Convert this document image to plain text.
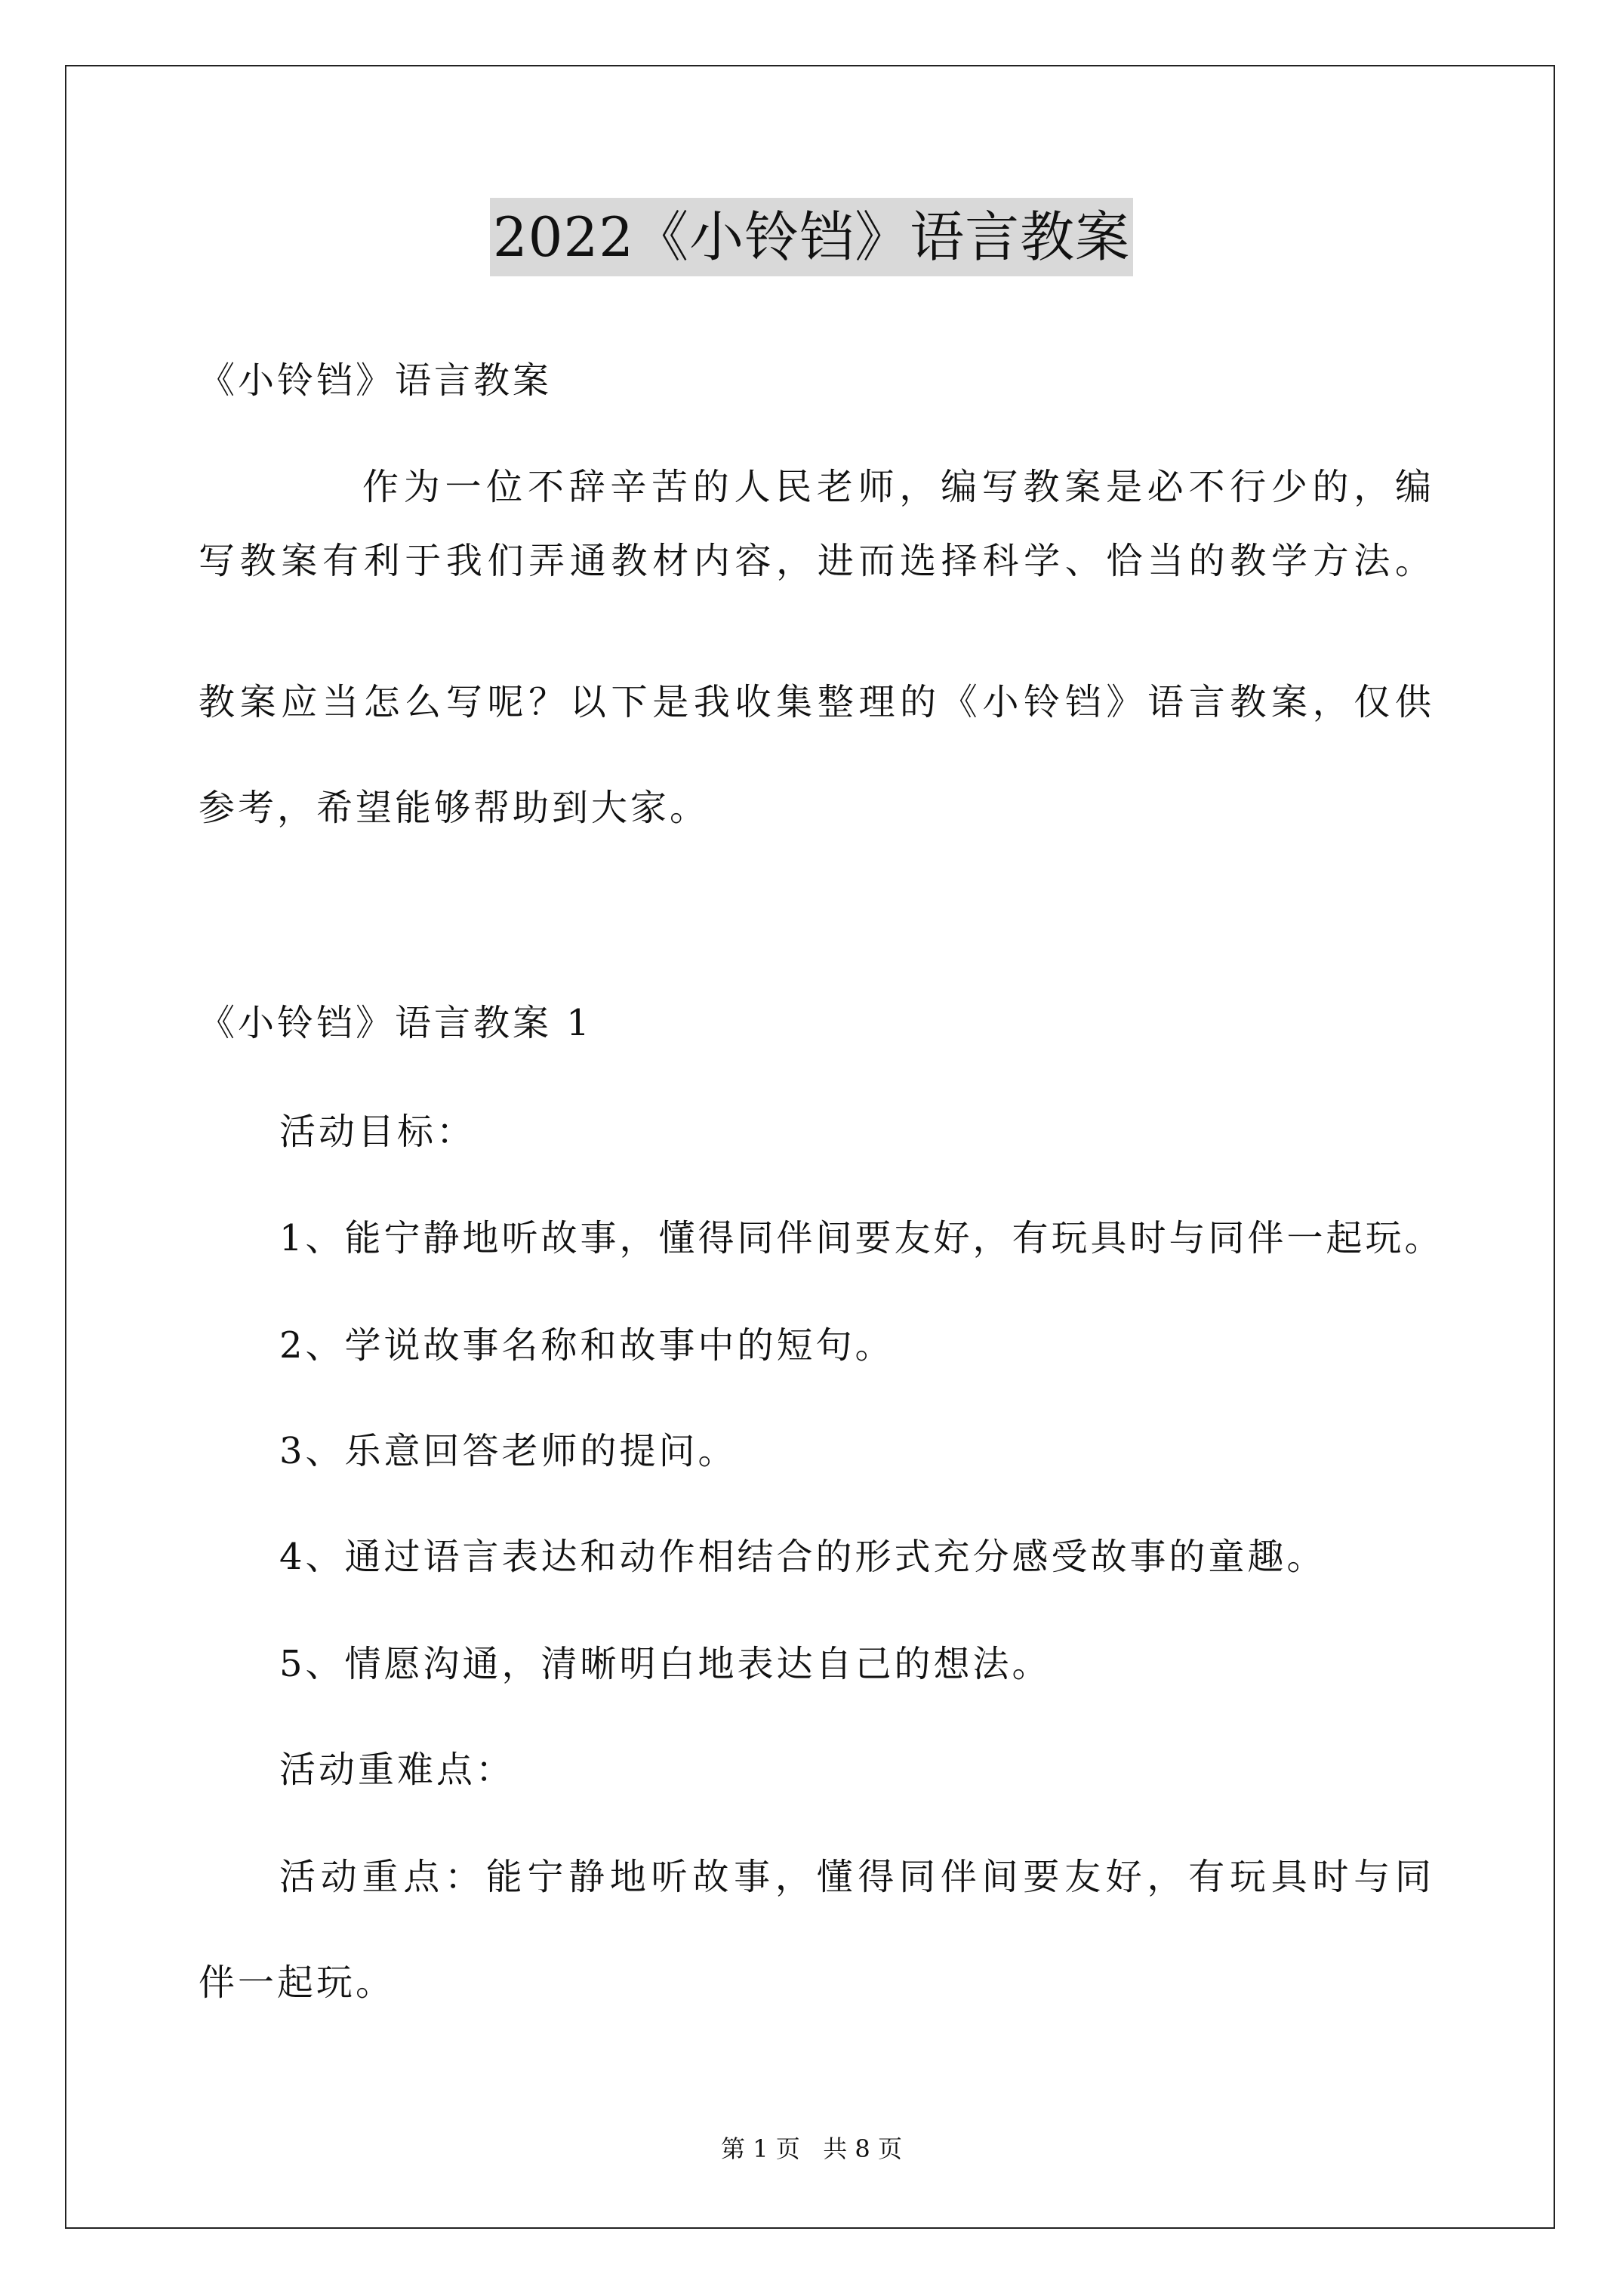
2022《小铃铛》语言教案
《小铃铛》语言教案
作为一位不辞辛苦的人民老师，编写教案是必不行少的，编
写教案有利于我们弄通教材内容，进而选择科学、恰当的教学方法。
教案应当怎么写呢？以下是我收集整理的《小铃铛》语言教案，仅供
参考，希望能够帮助到大家。
《小铃铛》语言教案 1
活动目标：
1、能宁静地听故事，懂得同伴间要友好，有玩具时与同伴一起玩。
2、学说故事名称和故事中的短句。
3、乐意回答老师的提问。
4、通过语言表达和动作相结合的形式充分感受故事的童趣。
5、情愿沟通，清晰明白地表达自己的想法。
活动重难点：
活动重点：能宁静地听故事，懂得同伴间要友好，有玩具时与同
伴一起玩。
第 1 页 共 8 页
